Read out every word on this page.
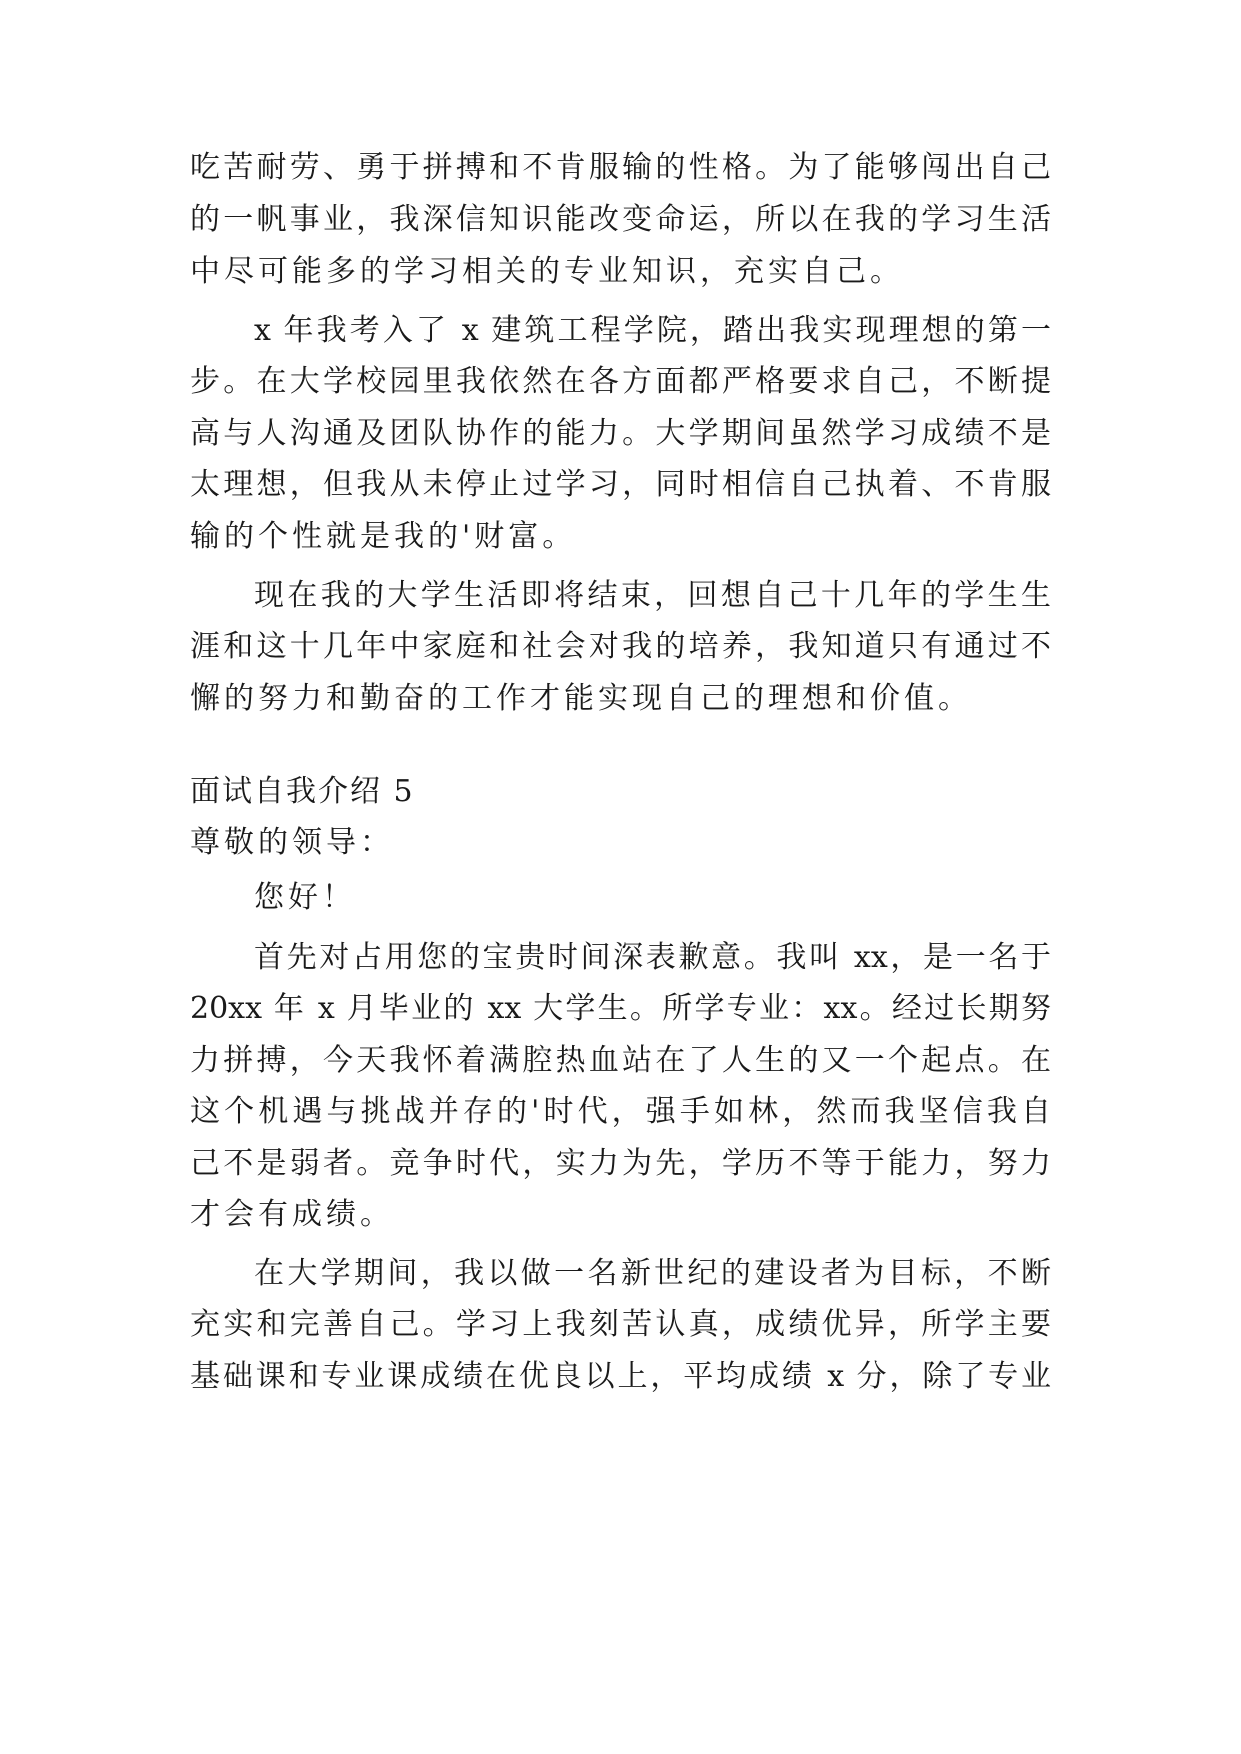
吃苦耐劳、勇于拼搏和不肯服输的性格。为了能够闯出自己
的一帆事业，我深信知识能改变命运，所以在我的学习生活
中尽可能多的学习相关的专业知识，充实自己。
x 年我考入了 x 建筑工程学院，踏出我实现理想的第一
步。在大学校园里我依然在各方面都严格要求自己，不断提
高与人沟通及团队协作的能力。大学期间虽然学习成绩不是
太理想，但我从未停止过学习，同时相信自己执着、不肯服
输的个性就是我的'财富。
现在我的大学生活即将结束，回想自己十几年的学生生
涯和这十几年中家庭和社会对我的培养，我知道只有通过不
懈的努力和勤奋的工作才能实现自己的理想和价值。
面试自我介绍 5
尊敬的领导：
您好！
首先对占用您的宝贵时间深表歉意。我叫 xx，是一名于
20xx 年 x 月毕业的 xx 大学生。所学专业：xx。经过长期努
力拼搏，今天我怀着满腔热血站在了人生的又一个起点。在
这个机遇与挑战并存的'时代，强手如林，然而我坚信我自
己不是弱者。竞争时代，实力为先，学历不等于能力，努力
才会有成绩。
在大学期间，我以做一名新世纪的建设者为目标，不断
充实和完善自己。学习上我刻苦认真，成绩优异，所学主要
基础课和专业课成绩在优良以上，平均成绩 x 分，除了专业
